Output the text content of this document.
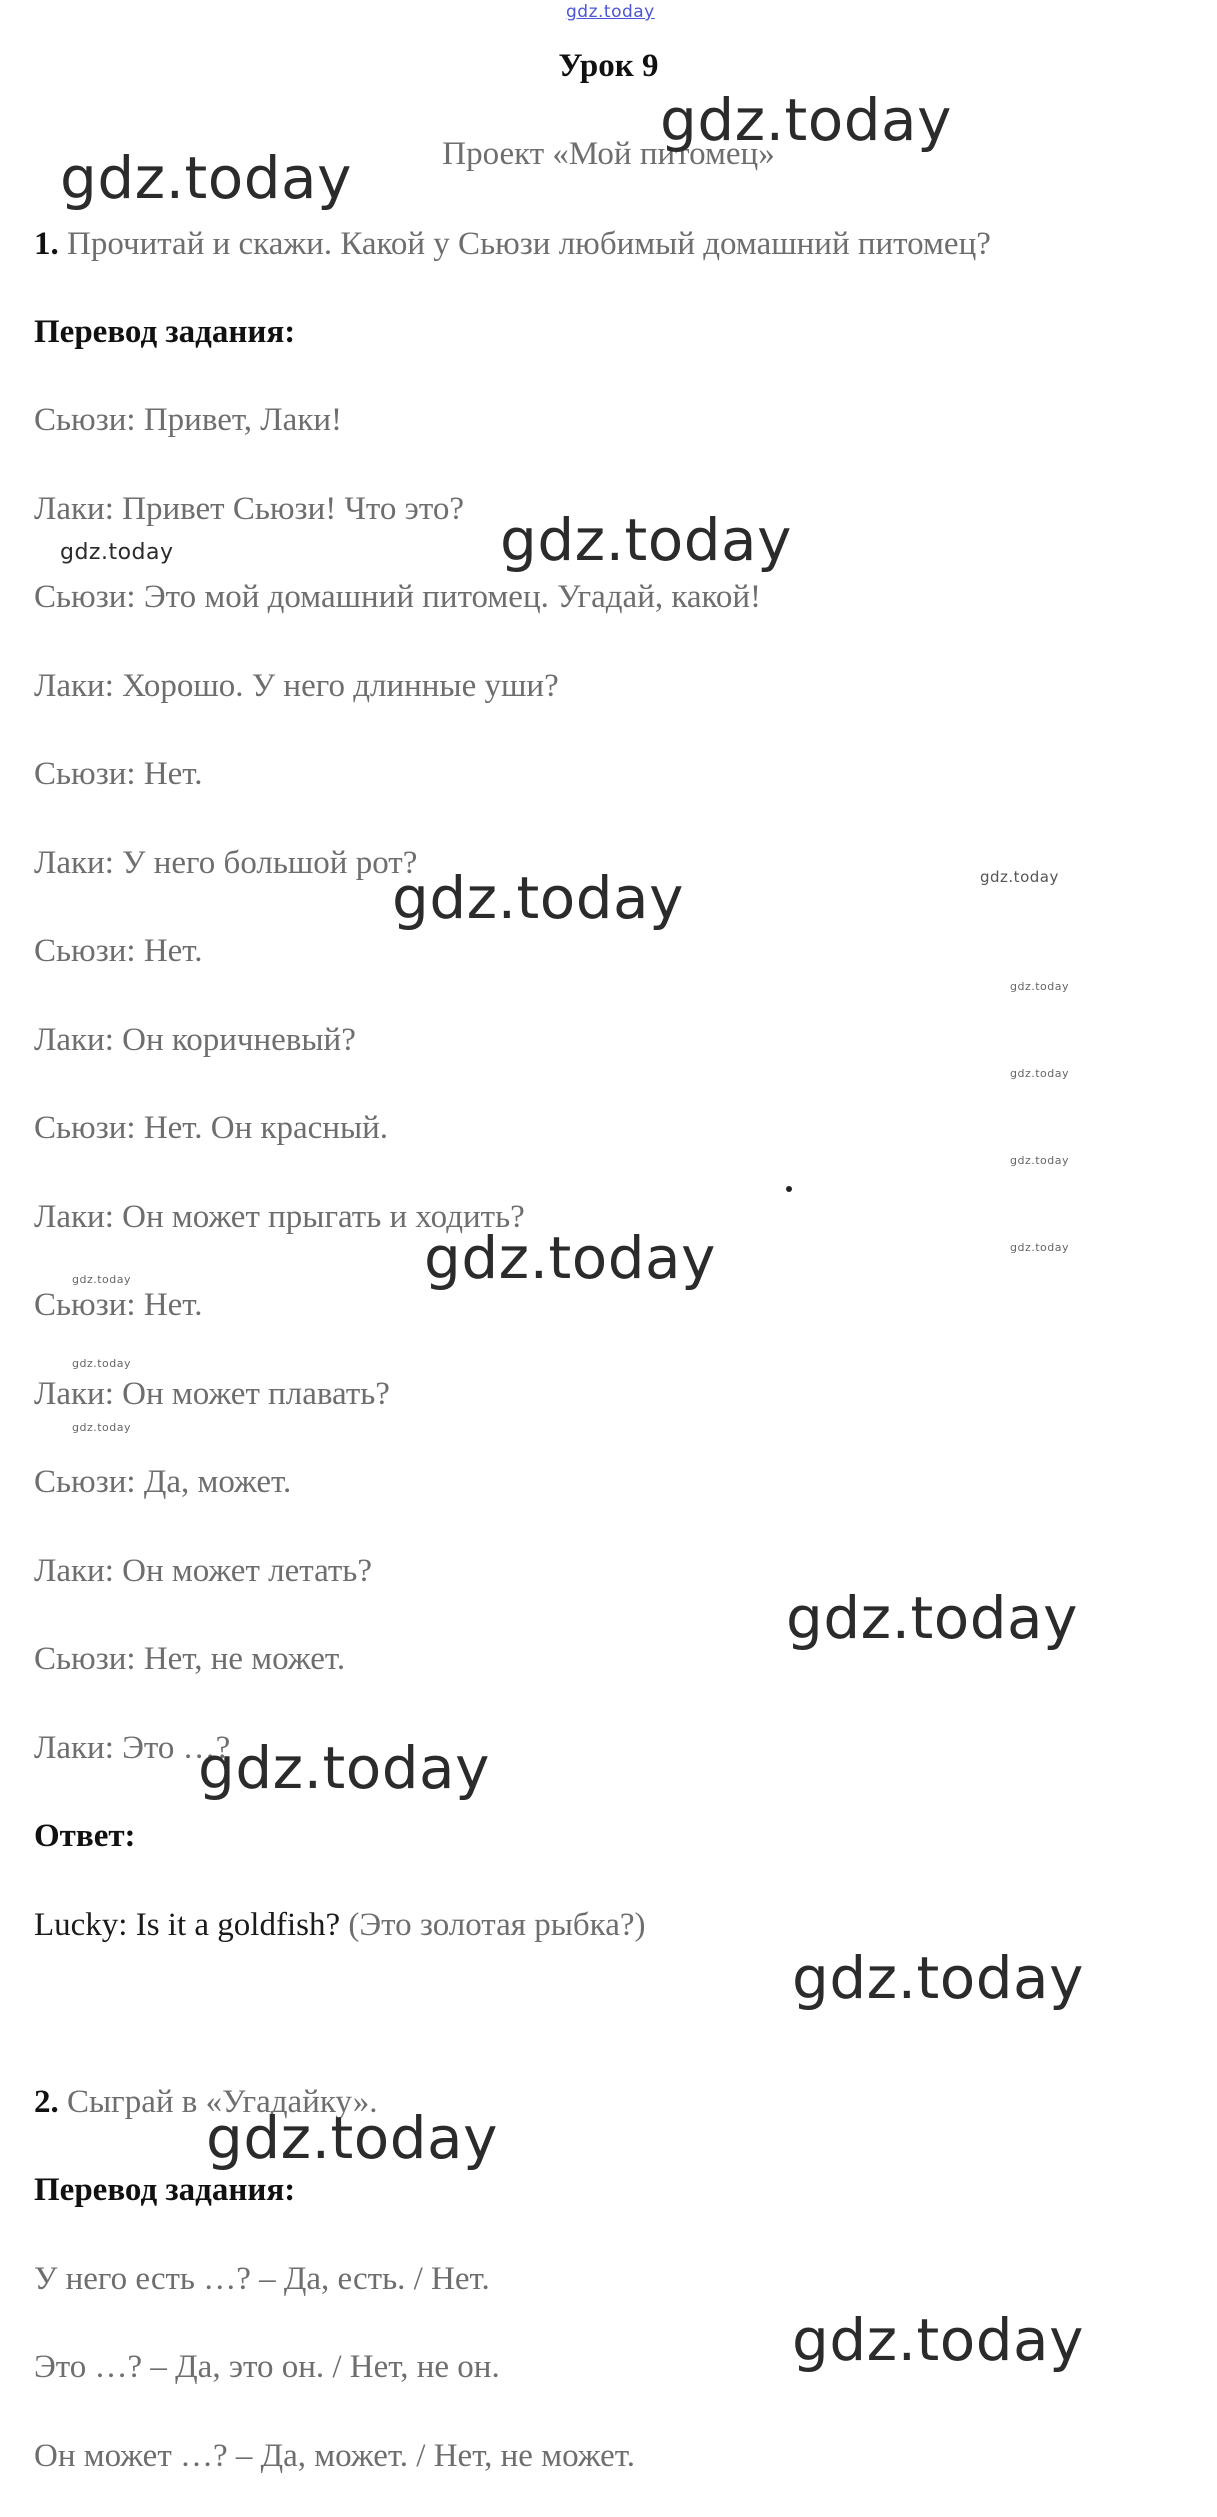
gdz.today
Урок 9
Проект «Мой питомец»
1. Прочитай и скажи. Какой у Сьюзи любимый домашний питомец?
Перевод задания:
Сьюзи: Привет, Лаки!
Лаки: Привет Сьюзи! Что это?
Сьюзи: Это мой домашний питомец. Угадай, какой!
Лаки: Хорошо. У него длинные уши?
Сьюзи: Нет.
Лаки: У него большой рот?
Сьюзи: Нет.
Лаки: Он коричневый?
Сьюзи: Нет. Он красный.
Лаки: Он может прыгать и ходить?
Сьюзи: Нет.
Лаки: Он может плавать?
Сьюзи: Да, может.
Лаки: Он может летать?
Сьюзи: Нет, не может.
Лаки: Это …?
Ответ:
Lucky: Is it a goldfish? (Это золотая рыбка?)
2. Сыграй в «Угадайку».
Перевод задания:
У него есть …? – Да, есть. / Нет.
Это …? – Да, это он. / Нет, не он.
Он может …? – Да, может. / Нет, не может.
gdz.today
gdz.today
gdz.today
gdz.today
gdz.today
gdz.today
gdz.today
gdz.today
gdz.today
gdz.today
gdz.today
gdz.today
gdz.today
gdz.today
gdz.today
gdz.today
gdz.today
gdz.today
gdz.today
